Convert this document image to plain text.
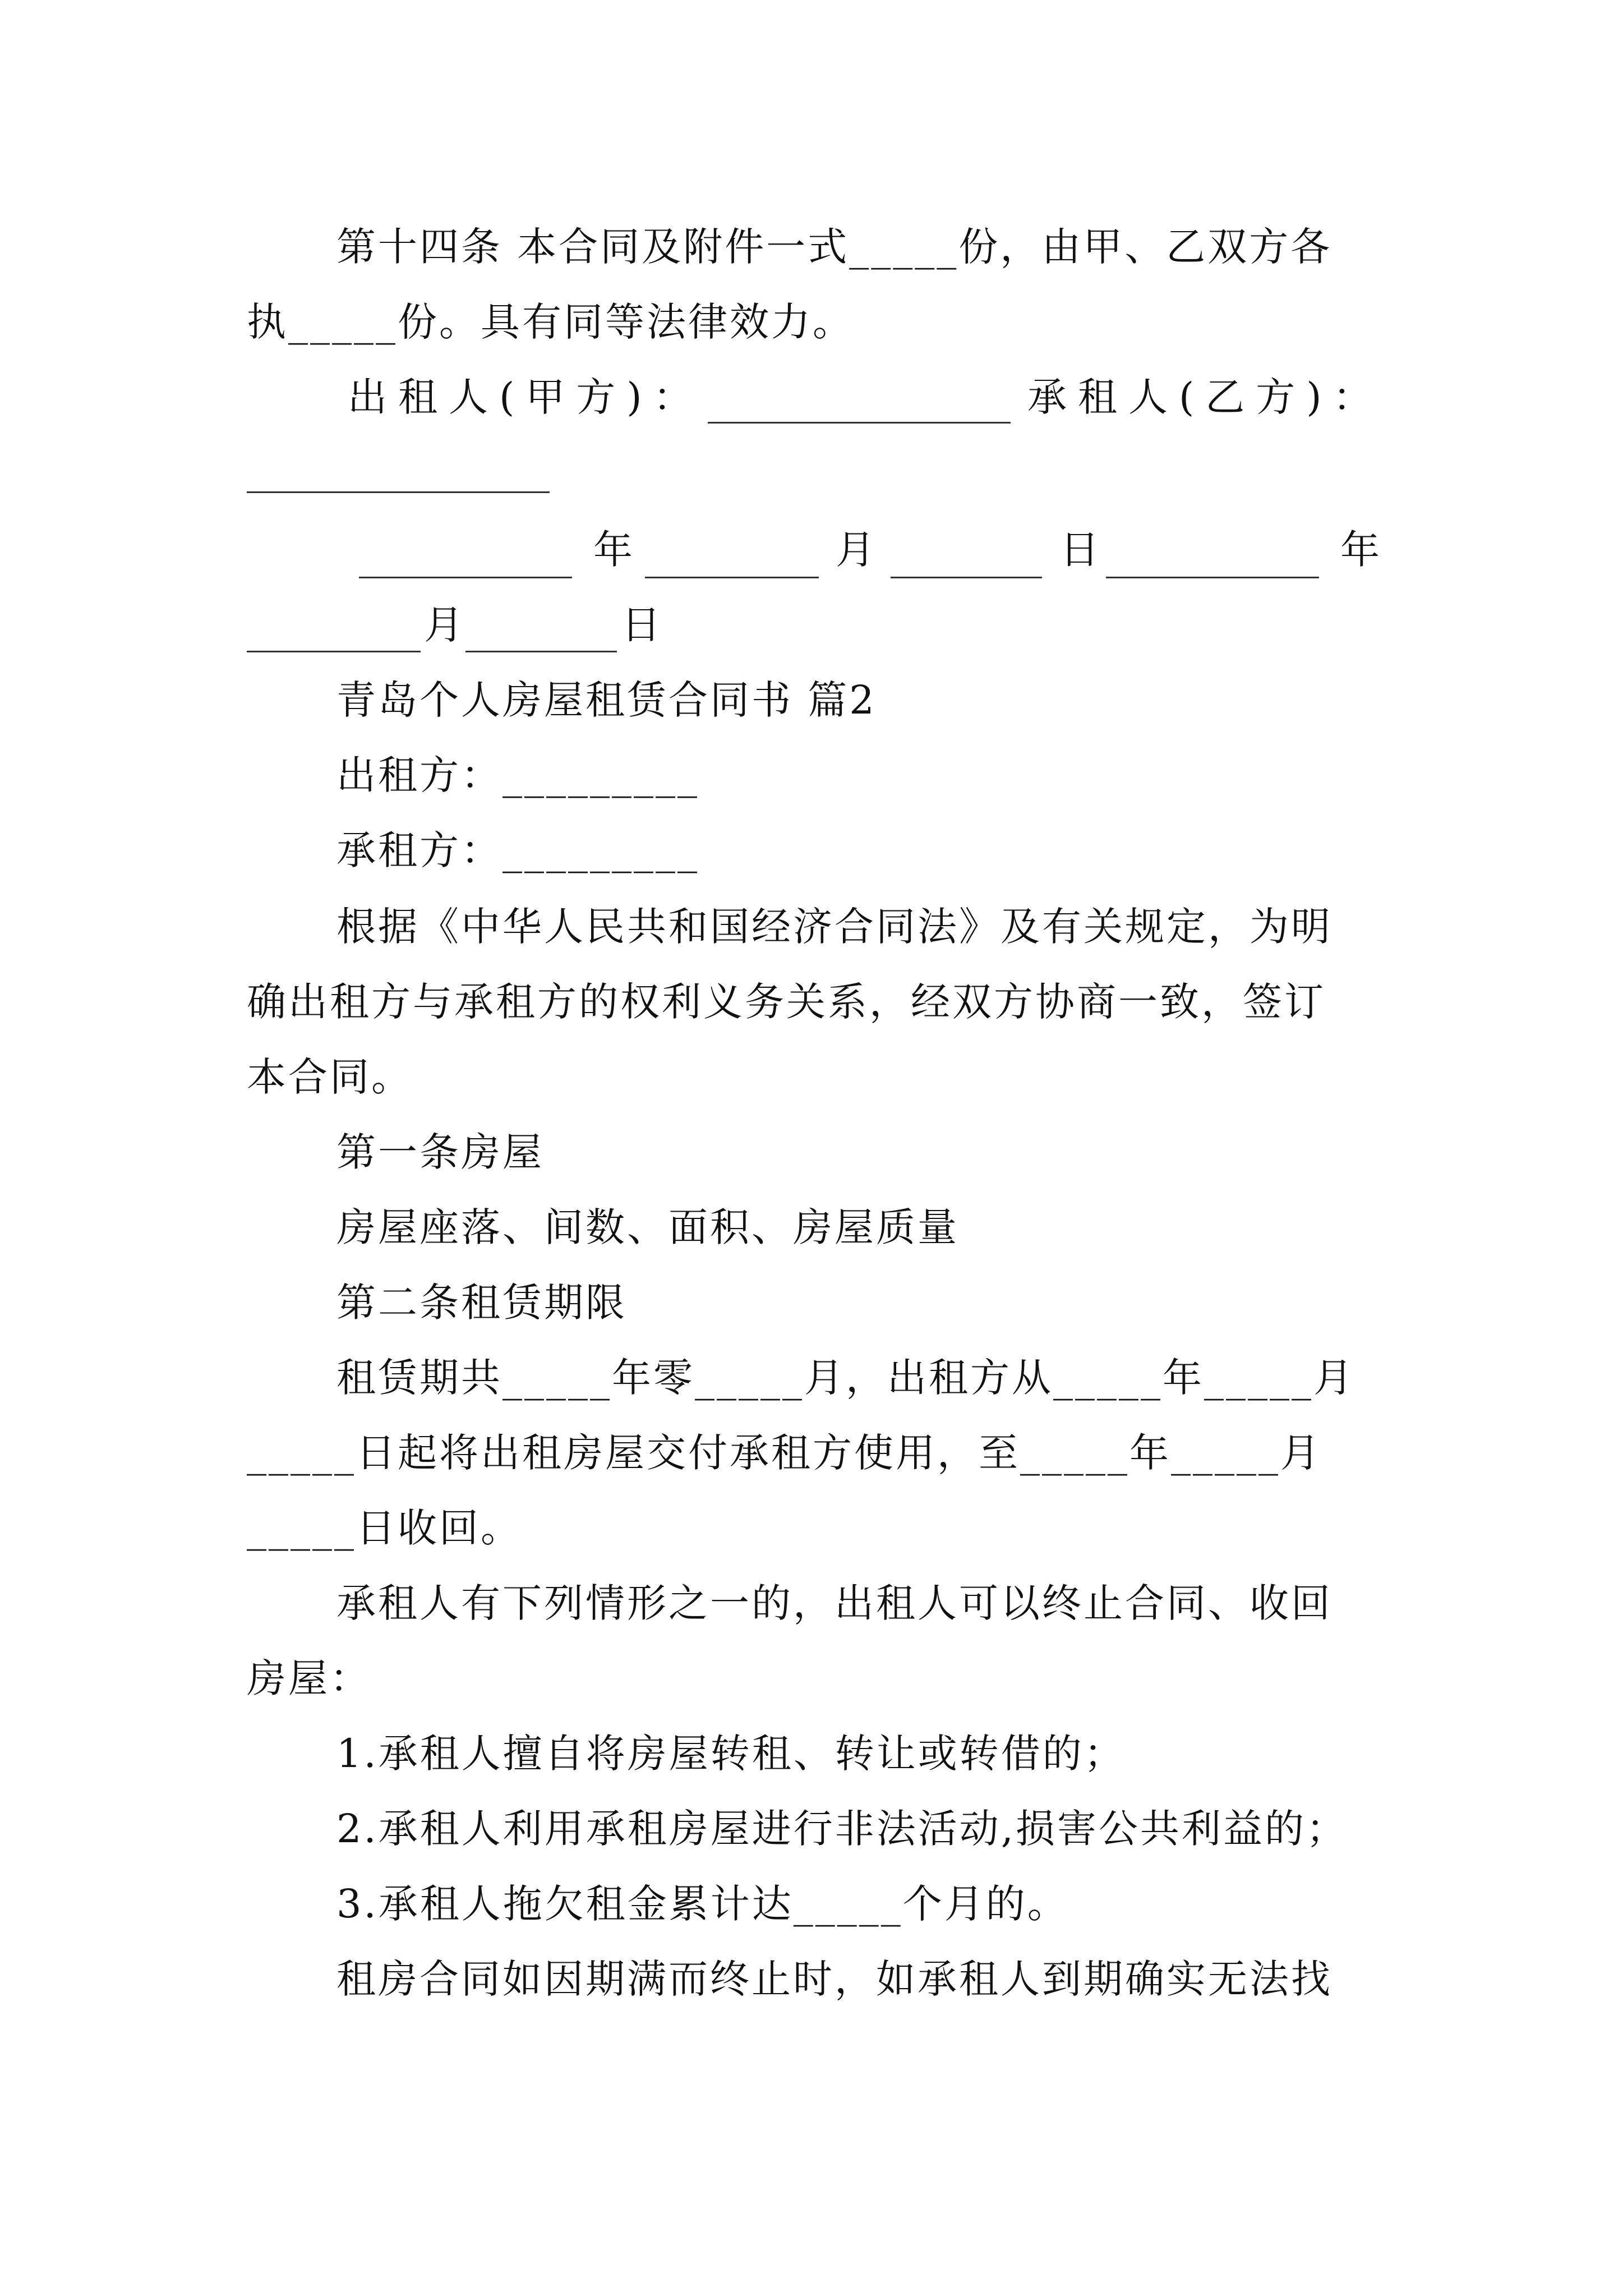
第十四条 本合同及附件一式_____份，由甲、乙双方各
执_____份。具有同等法律效力。
出租人(甲方)：	承租人(乙方)：
年	月	日	年
月	日
青岛个人房屋租赁合同书 篇2
出租方：_________
承租方：_________
根据《中华人民共和国经济合同法》及有关规定，为明
确出租方与承租方的权利义务关系，经双方协商一致，签订
本合同。
第一条房屋
房屋座落、间数、面积、房屋质量
第二条租赁期限
租赁期共_____年零_____月，出租方从_____年_____月
_____日起将出租房屋交付承租方使用，至_____年_____月
_____日收回。
承租人有下列情形之一的，出租人可以终止合同、收回
房屋：
1.承租人擅自将房屋转租、转让或转借的；
2.承租人利用承租房屋进行非法活动,损害公共利益的；
3.承租人拖欠租金累计达_____个月的。
租房合同如因期满而终止时，如承租人到期确实无法找
